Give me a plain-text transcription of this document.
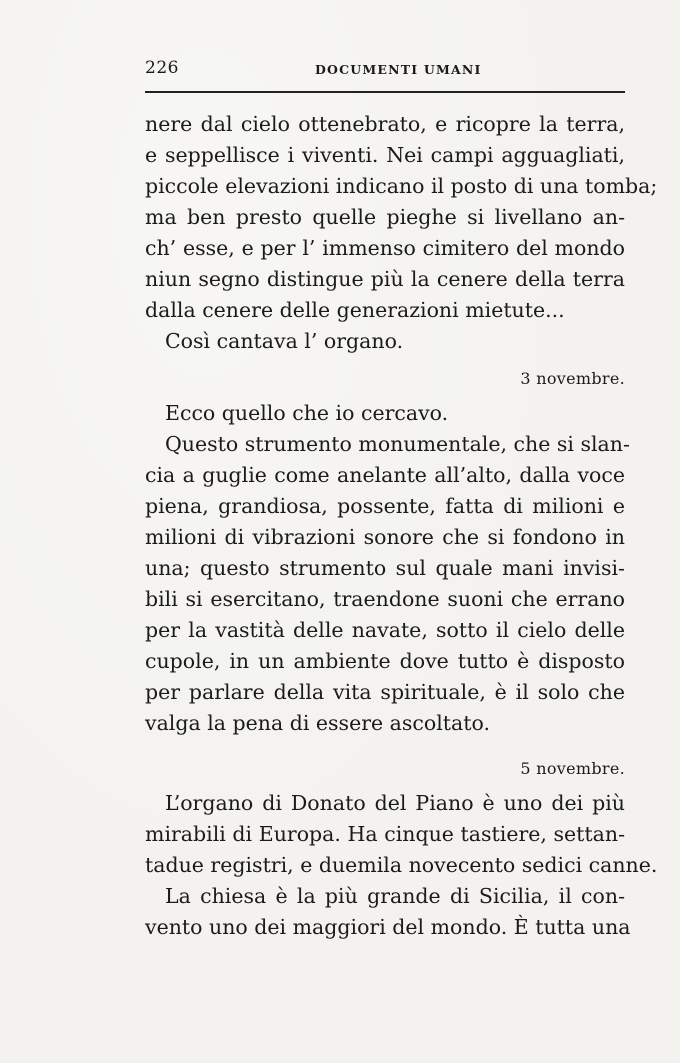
226	DOCUMENTI UMANI
nere dal cielo ottenebrato, e ricopre la terra,
e seppellisce i viventi. Nei campi agguagliati,
piccole elevazioni indicano il posto di una tomba;
ma ben presto quelle pieghe si livellano an-
ch’ esse, e per l’ immenso cimitero del mondo
niun segno distingue più la cenere della terra
dalla cenere delle generazioni mietute...
Così cantava l’ organo.
3 novembre.
Ecco quello che io cercavo.
Questo strumento monumentale, che si slan-
cia a guglie come anelante all’alto, dalla voce
piena, grandiosa, possente, fatta di milioni e
milioni di vibrazioni sonore che si fondono in
una; questo strumento sul quale mani invisi-
bili si esercitano, traendone suoni che errano
per la vastità delle navate, sotto il cielo delle
cupole, in un ambiente dove tutto è disposto
per parlare della vita spirituale, è il solo che
valga la pena di essere ascoltato.
5 novembre.
L’organo di Donato del Piano è uno dei più
mirabili di Europa. Ha cinque tastiere, settan-
tadue registri, e duemila novecento sedici canne.
La chiesa è la più grande di Sicilia, il con-
vento uno dei maggiori del mondo. È tutta una
